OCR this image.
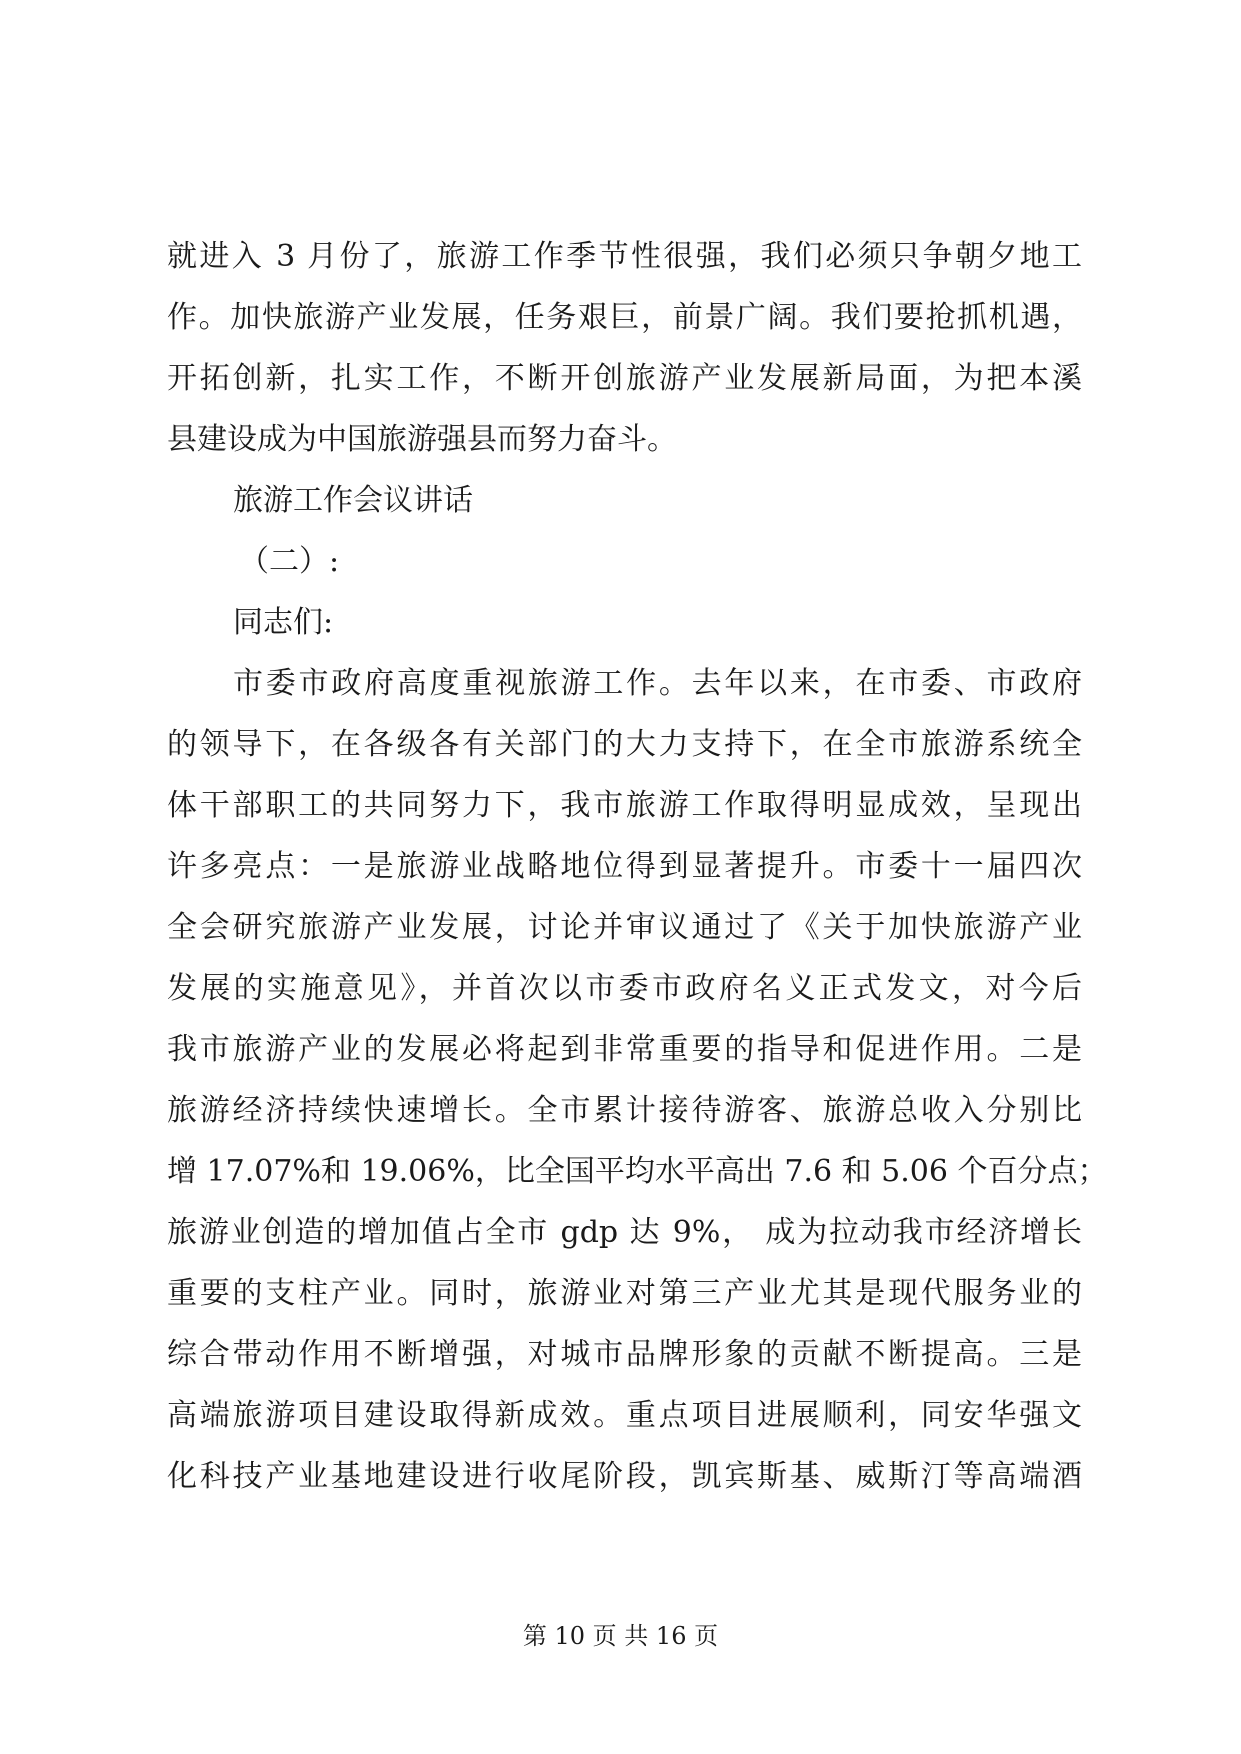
就进入 3 月份了，旅游工作季节性很强，我们必须只争朝夕地工
作。加快旅游产业发展，任务艰巨，前景广阔。我们要抢抓机遇，
开拓创新，扎实工作，不断开创旅游产业发展新局面，为把本溪
县建设成为中国旅游强县而努力奋斗。
旅游工作会议讲话
（二）:
同志们:
市委市政府高度重视旅游工作。去年以来，在市委、市政府
的领导下，在各级各有关部门的大力支持下，在全市旅游系统全
体干部职工的共同努力下，我市旅游工作取得明显成效，呈现出
许多亮点：一是旅游业战略地位得到显著提升。市委十一届四次
全会研究旅游产业发展，讨论并审议通过了《关于加快旅游产业
发展的实施意见》，并首次以市委市政府名义正式发文，对今后
我市旅游产业的发展必将起到非常重要的指导和促进作用。二是
旅游经济持续快速增长。全市累计接待游客、旅游总收入分别比
增 17.07%和 19.06%，比全国平均水平高出 7.6 和 5.06 个百分点；
旅游业创造的增加值占全市 gdp 达 9%， 成为拉动我市经济增长
重要的支柱产业。同时，旅游业对第三产业尤其是现代服务业的
综合带动作用不断增强，对城市品牌形象的贡献不断提高。三是
高端旅游项目建设取得新成效。重点项目进展顺利，同安华强文
化科技产业基地建设进行收尾阶段，凯宾斯基、威斯汀等高端酒
第 10 页 共 16 页
